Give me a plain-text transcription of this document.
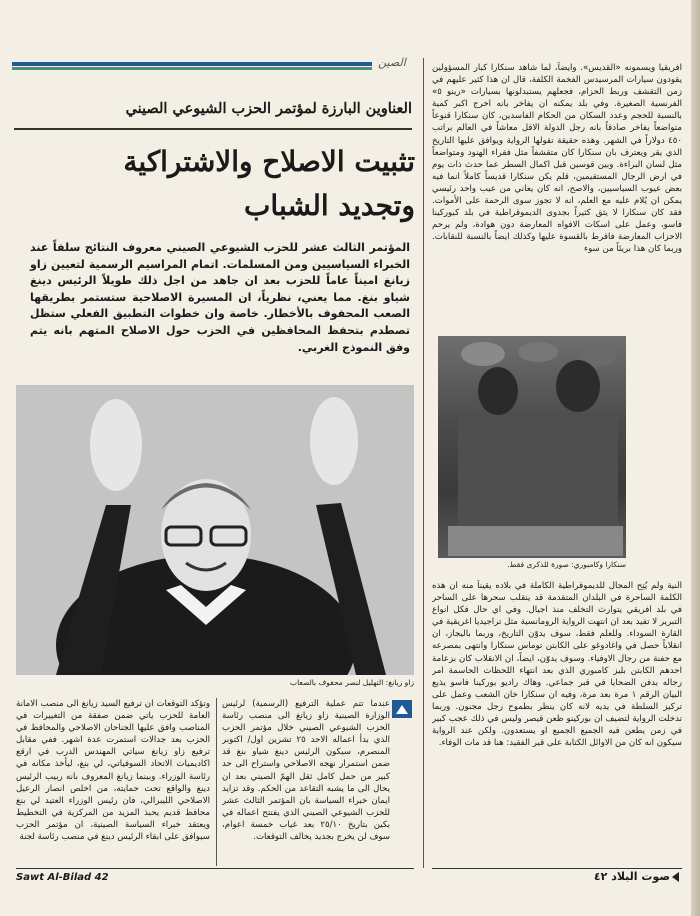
افريقيا ويسمونه «القديس». وايضاً، لما شاهد سنكارا كبار المسؤولين يقودون سيارات المرسيدس الفخمة الكلفة، قال ان هذا كثير عليهم في زمن التقشف وربط الحزام، فجعلهم يستبدلونها بسيارات «رينو ٥» الفرنسية الصغيرة. وفي بلد يمكنه ان يفاخر بانه اخرج اكبر كمية بالنسبة للحجم وعدد السكان من الحكام الفاسدين، كان سنكارا قنوعاً متواضعاً يفاخر صادقاً بانه رجل الدولة الاقل معاشاً في العالم براتب ٤٥٠ دولاراً في الشهر. وهذه حقيقة تقولها الرواية ويوافق عليها التاريخ الذي يقر ويعترف بان سنكارا كان متقشفاً مثل فقراء الهنود ومتواضعاً مثل لسان البراءة. وبين قوسين قبل اكمال السطر عما حدث ذات يوم في ارض الرجال المستقيمين، قلم يكن سنكارا قديساً كاملاً انما فيه بعض عيوب السياسيين، والاصح، انه كان يعاني من عيب واحد رئيسي يمكن ان يُلام عليه مع العلم، انه لا تجوز سوى الرحمة على الأموات. فقد كان سنكارا لا يثق كثيراً بجدوى الديموقراطية في بلد كبوركينا فاسو، وعمل على اسكات الافواه المعارضة دون هوادة، ولم يرحم الاحزاب المعارضة فاقرط بالقسوة عليها وكذلك ايضاً بالنسبة للنقابات. وربما كان هذا بريئاً من سوء
سنكارا وكامبوري: صورة للذكرى فقط.
النية ولم يُتِح المجال للديموقراطية الكاملة في بلاده يقيناً منه ان هذه الكلمة الساحرة في البلدان المتقدمة قد ينقلب سحرها على الساحر في بلد افريقي يتوارث التخلف منذ اجيال. وفي اي حال فكل انواع التبرير لا تفيد بعد ان انتهت الرواية الرومانسية مثل تراجيديا اغريقية في القارة السوداء. وللعلم فقط، سوف يدوّن التاريخ، وربما باليجاز، ان انقلاباً حصل في واغادوغو على الكابتن توماس سنكارا وانتهى بمصرعه مع حفنة من رجال الاوفياء. وسوف يدوّن، ايضاً، ان الانقلاب كان بزعامة احدهم الكابتن بليز كامبوري الذي بعد انتهاء اللحظات الحاسمة امر رجاله بدفن الضحايا في قبر جماعي. وهاك راديو بوركينا فاسو يذيع البيان الرقم ١ مرة بعد مرة، وفيه ان سنكارا خان الشعب وعمل على تركيز السلطة في يديه لانه كان ينظر بطموح رجل مجنون. وربما تدخلت الرواية لتضيف ان بوركينو ظعن قيصر وليس في ذلك عجب كبير في زمن يطعن فيه الجميع الجميع او يستعدون. ولكن عند الرواية سيكون انه كان من الاوائل الكتابة على قبر الفقيد: هنا قد مات الوفاء.
الصين
العناوين البارزة لمؤتمر الحزب الشيوعي الصيني
تثبيت الاصلاح والاشتراكية
وتجديد الشباب
المؤتمر الثالث عشر للحزب الشيوعي الصيني معروف النتائج سلفاً عند الخبراء السياسيين ومن المسلمات. اتمام المراسيم الرسمية لتعيين زاو زيانغ اميناً عاماً للحزب بعد ان جاهد من اجل ذلك طويلاً الرئيس دينغ شياو بنغ. مما يعني، نظرياً، ان المسيرة الاصلاحية ستستمر بطريقها الصعب المحفوف بالأخطار. خاصة وان خطوات التطبيق الفعلي ستظل تصطدم بتحفظ المحافظين في الحزب حول الاصلاح المتهم بانه يتم وفق النموذج الغربي.
زاو زيانغ: التهليل لنصر محفوف بالصعاب
عندما تتم عملية الترفيع (الرسمية) لرئيس الوزارة الصينية زاو زيانغ الى منصب رئاسة الحزب الشيوعي الصيني خلال مؤتمر الحزب الذي بدأ اعماله الاحد ٢٥ تشرين اول/ اكتوبر المنصرم، سيكون الرئيس دينغ شياو بنغ قد ضمن استمرار نهجه الاصلاحي واستراح الى حد كبير من حمل كامل ثقل الهمّ الصيني بعد ان يحال الى ما يشبه التقاعد من الحكم. وقد تزايد ايمان خبراء السياسة بان المؤتمر الثالث عشر للحزب الشيوعي الصيني الذي يفتتح اعماله في بكين بتاريخ ٢٥/١٠ بعد غياب خمسة اعوام، سوف لن يخرج بجديد يخالف التوقعات.
وتؤكد التوقعات ان ترفيع السيد زيانغ الى منصب الامانة العامة للحزب ياتي ضمن صفقة من التغييرات في المناصب وافق عليها الجناحان الاصلاحي والمحافظ في الحزب بعد جدالات استمرت عدة اشهر. ففي مقابل ترفيع زاو زيانغ سياتي المهندس الدرب في ارقع اكاديميات الاتحاد السوفياتي، لي بنغ، ليأخذ مكانه في رئاسة الوزراء. وبينما زيانغ المعروف بانه ربيب الرئيس دينغ والواقع تحت حمايته، من اخلص انصار الرعيل الاصلاحي الليبرالي، فان رئيس الوزراء العتيد لي بنغ محافظ قديم يحبذ المزيد من المركزية في التخطيط ويعتقد خبراء السياسة الصينية، ان مؤتمر الحزب سيوافق على ابقاء الرئيس دينغ في منصب رئاسة لجنة
Sawt Al-Bilad 42	صوت البلاد ٤٢
